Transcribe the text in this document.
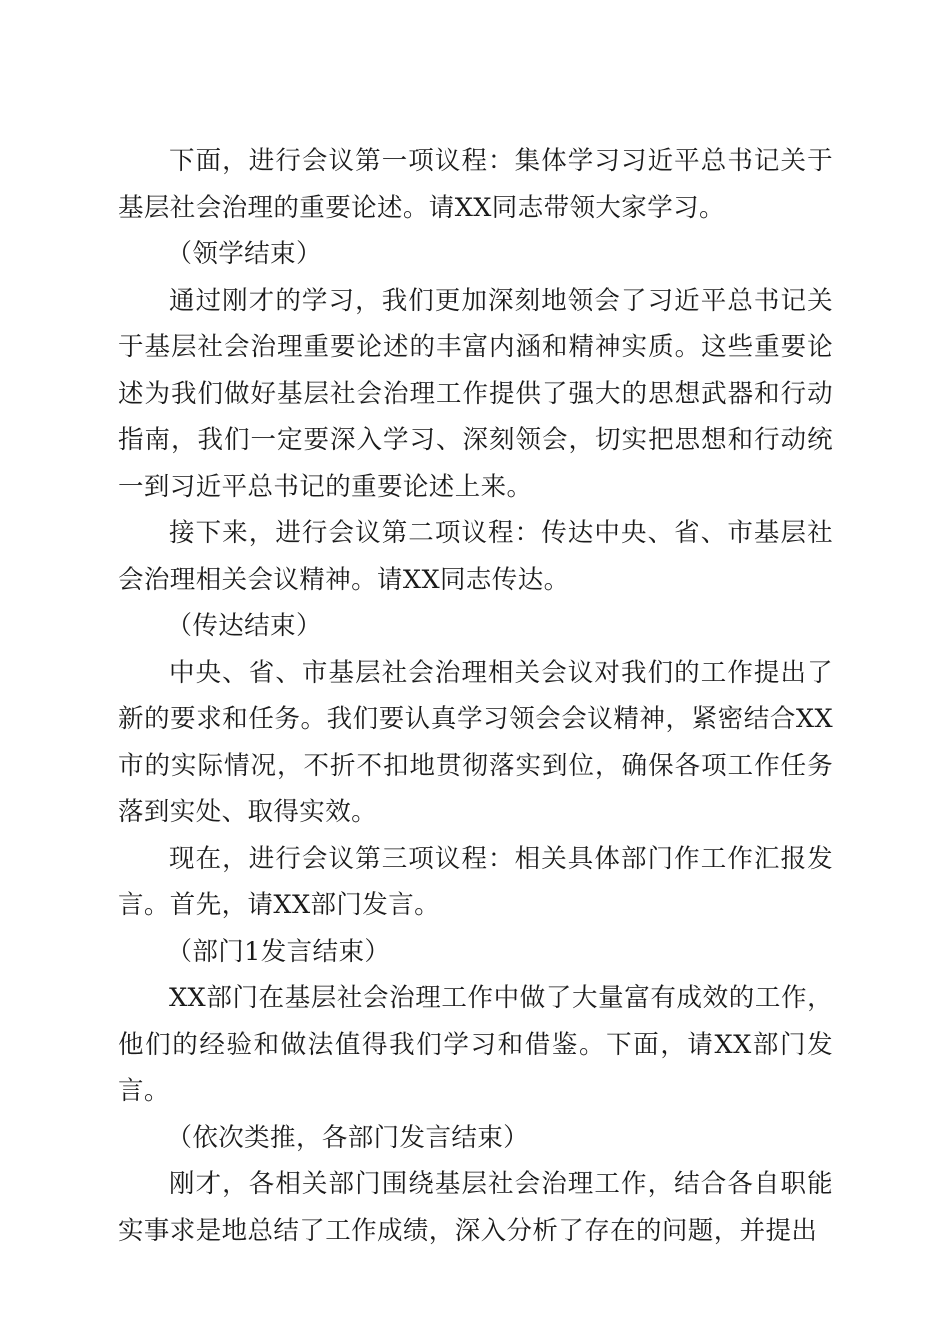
下面，进行会议第一项议程：集体学习习近平总书记关于基层社会治理的重要论述。请XX同志带领大家学习。

（领学结束）

通过刚才的学习，我们更加深刻地领会了习近平总书记关于基层社会治理重要论述的丰富内涵和精神实质。这些重要论述为我们做好基层社会治理工作提供了强大的思想武器和行动指南，我们一定要深入学习、深刻领会，切实把思想和行动统一到习近平总书记的重要论述上来。

接下来，进行会议第二项议程：传达中央、省、市基层社会治理相关会议精神。请XX同志传达。

（传达结束）

中央、省、市基层社会治理相关会议对我们的工作提出了新的要求和任务。我们要认真学习领会会议精神，紧密结合XX市的实际情况，不折不扣地贯彻落实到位，确保各项工作任务落到实处、取得实效。

现在，进行会议第三项议程：相关具体部门作工作汇报发言。首先，请XX部门发言。

（部门1发言结束）

XX部门在基层社会治理工作中做了大量富有成效的工作，他们的经验和做法值得我们学习和借鉴。下面，请XX部门发言。

（依次类推，各部门发言结束）

刚才，各相关部门围绕基层社会治理工作，结合各自职能实事求是地总结了工作成绩，深入分析了存在的问题，并提出
